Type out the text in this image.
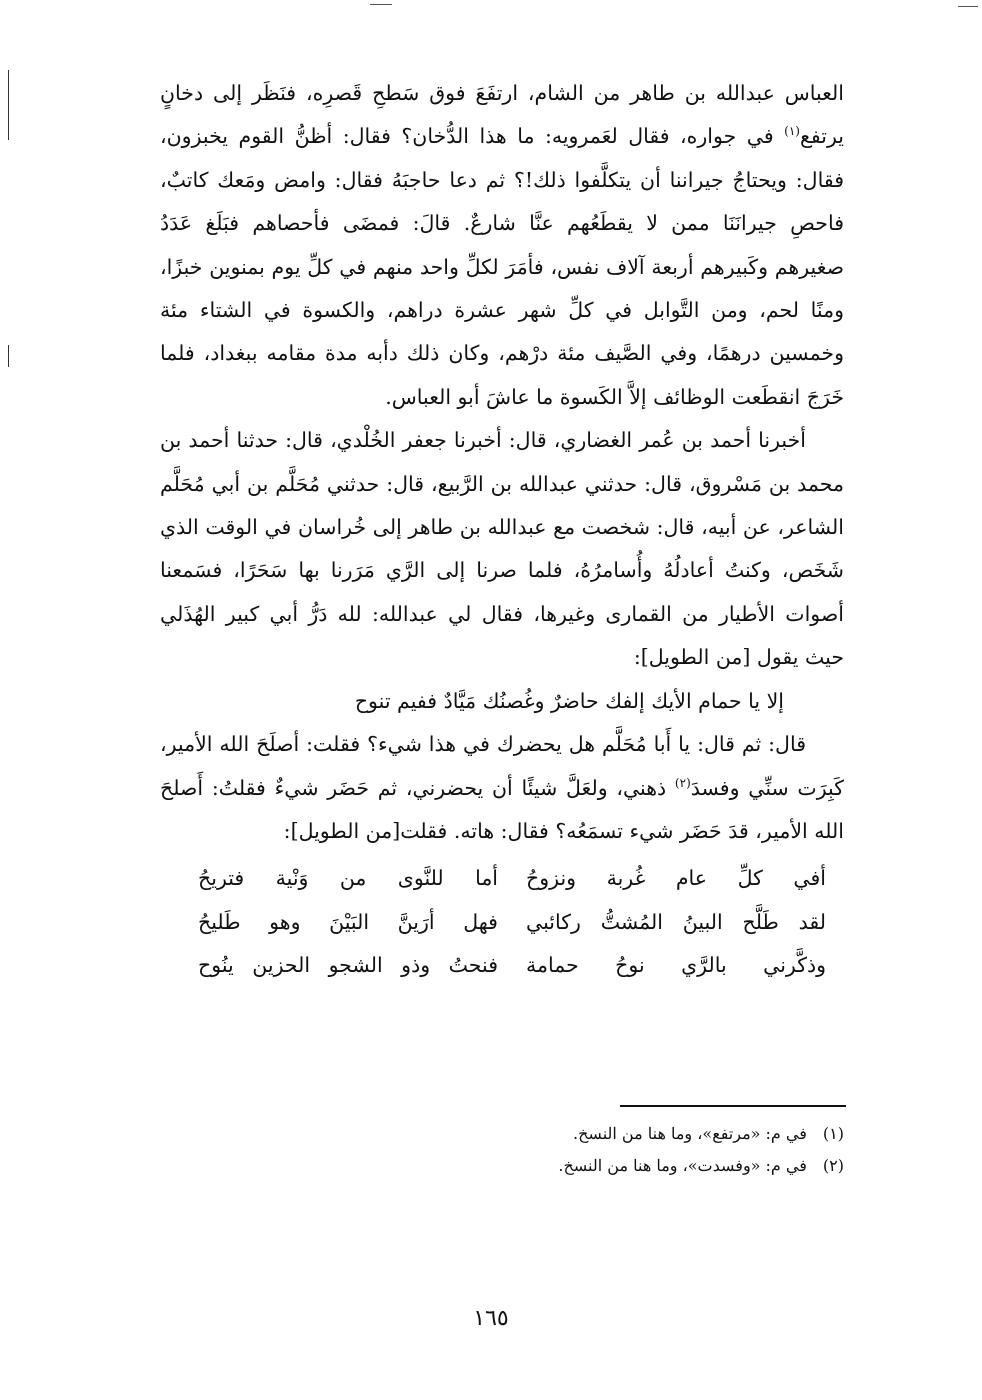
العباس عبدالله بن طاهر من الشام، ارتفَعَ فوق سَطحِ قَصرِه، فنَظَر إلى دخانٍ يرتفع$^{(١)}$ في جواره، فقال لعَمرويه: ما هذا الدُّخان؟ فقال: أظنُّ القوم يخبزون، فقال: ويحتاجُ جيراننا أن يتكلَّفوا ذلك!؟ ثم دعا حاجبَهُ فقال: وامض ومَعك كاتبٌ، فاحصِ جيرانَنَا ممن لا يقطَعُهم عنَّا شارعٌ. قالَ: فمضَى فأحصاهم فبَلَغ عَدَدُ صغيرهم وكَبيرهم أربعة آلاف نفس، فأمَرَ لكلِّ واحد منهم في كلِّ يوم بمنوين خبزًا، ومنًا لحم، ومن التَّوابل في كلِّ شهر عشرة دراهم، والكسوة في الشتاء مئة وخمسين درهمًا، وفي الصَّيف مئة درْهم، وكان ذلك دأبه مدة مقامه ببغداد، فلما خَرَجَ انقطَعت الوظائف إلاَّ الكَسوة ما عاشَ أبو العباس.

أخبرنا أحمد بن عُمر الغضاري، قال: أخبرنا جعفر الخُلْدي، قال: حدثنا أحمد بن محمد بن مَسْروق، قال: حدثني عبدالله بن الرَّبيع، قال: حدثني مُحَلَّم بن أبي مُحَلَّم الشاعر، عن أبيه، قال: شخصت مع عبدالله بن طاهر إلى خُراسان في الوقت الذي شَخَص، وكنتُ أعادلُهُ وأُسامرُهُ، فلما صرنا إلى الرَّي مَرَرنا بها سَحَرًا، فسَمعنا أصوات الأطيار من القمارى وغيرها، فقال لي عبدالله: لله دَرُّ أبي كبير الهُذَلي حيث يقول [من الطويل]:

إلا يا حمام الأيك إلفك حاضرٌ وغُصنُك مَيَّادٌ ففيم تنوح

قال: ثم قال: يا أَبا مُحَلَّم هل يحضرك في هذا شيء؟ فقلت: أصلَحَ الله الأمير، كَبِرَت سنِّي وفسدَ$^{(٢)}$ ذهني، ولعَلَّ شيئًا أن يحضرني، ثم حَضَر شيءٌ فقلتُ: أَصلحَ الله الأمير، قدَ حَضَر شيء تسمَعُه؟ فقال: هاته. فقلت[من الطويل]:

أفي كلِّ عام غُربة ونزوحُ
أما للنَّوى من وَنْية فتريحُ
لقد طَلَّح البينُ المُشتُّ ركائبي
فهل أرَينَّ البَيْنَ وهو طَليحُ
وذكَّرني بالرَّي نوحُ حمامة
فنحتُ وذو الشجو الحزين ينُوح

(١)في م: «مرتفع»، وما هنا من النسخ.

(٢)في م: «وفسدت»، وما هنا من النسخ.

١٦٥
